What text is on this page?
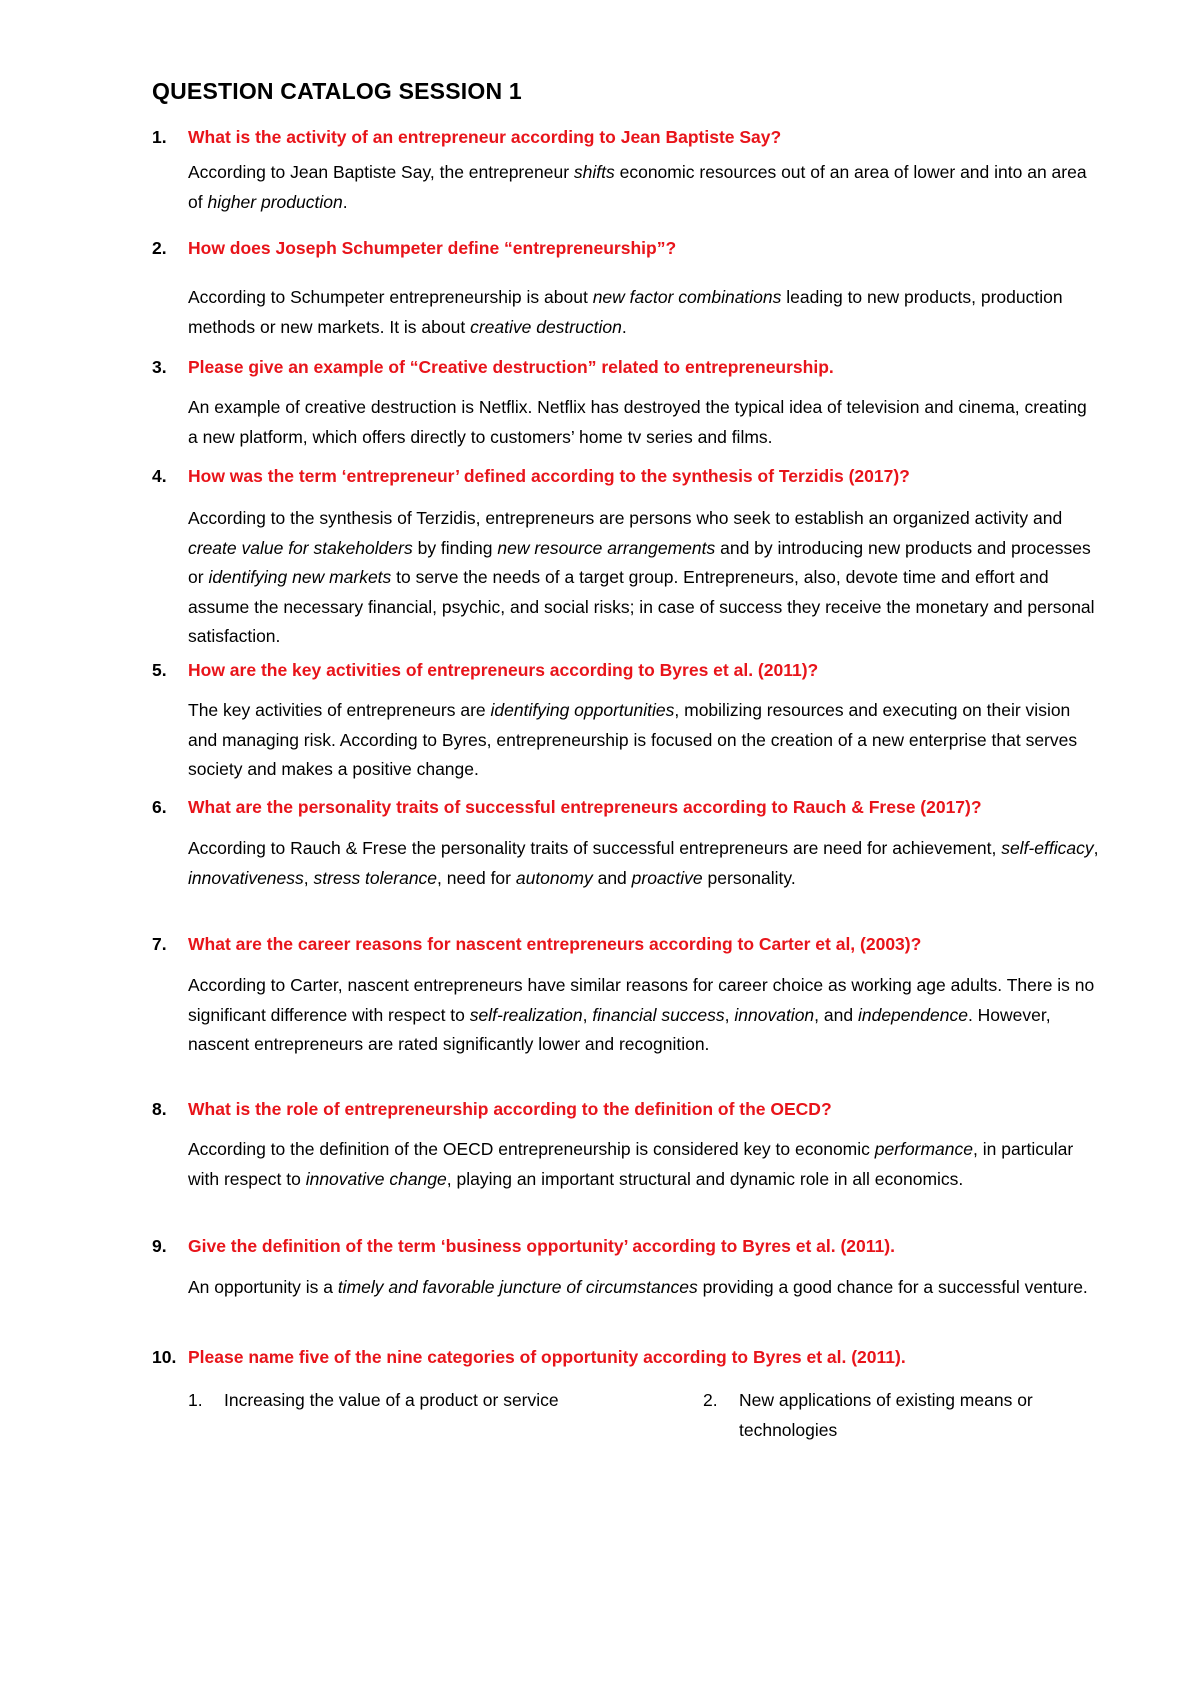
QUESTION CATALOG SESSION 1
1. What is the activity of an entrepreneur according to Jean Baptiste Say?
According to Jean Baptiste Say, the entrepreneur shifts economic resources out of an area of lower and into an area of higher production.
2. How does Joseph Schumpeter define “entrepreneurship”?
According to Schumpeter entrepreneurship is about new factor combinations leading to new products, production methods or new markets. It is about creative destruction.
3. Please give an example of “Creative destruction” related to entrepreneurship.
An example of creative destruction is Netflix. Netflix has destroyed the typical idea of television and cinema, creating a new platform, which offers directly to customers’ home tv series and films.
4. How was the term ‘entrepreneur’ defined according to the synthesis of Terzidis (2017)?
According to the synthesis of Terzidis, entrepreneurs are persons who seek to establish an organized activity and create value for stakeholders by finding new resource arrangements and by introducing new products and processes or identifying new markets to serve the needs of a target group. Entrepreneurs, also, devote time and effort and assume the necessary financial, psychic, and social risks; in case of success they receive the monetary and personal satisfaction.
5. How are the key activities of entrepreneurs according to Byres et al. (2011)?
The key activities of entrepreneurs are identifying opportunities, mobilizing resources and executing on their vision and managing risk. According to Byres, entrepreneurship is focused on the creation of a new enterprise that serves society and makes a positive change.
6. What are the personality traits of successful entrepreneurs according to Rauch & Frese (2017)?
According to Rauch & Frese the personality traits of successful entrepreneurs are need for achievement, self-efficacy, innovativeness, stress tolerance, need for autonomy and proactive personality.
7. What are the career reasons for nascent entrepreneurs according to Carter et al, (2003)?
According to Carter, nascent entrepreneurs have similar reasons for career choice as working age adults. There is no significant difference with respect to self-realization, financial success, innovation, and independence. However, nascent entrepreneurs are rated significantly lower and recognition.
8. What is the role of entrepreneurship according to the definition of the OECD?
According to the definition of the OECD entrepreneurship is considered key to economic performance, in particular with respect to innovative change, playing an important structural and dynamic role in all economics.
9. Give the definition of the term ‘business opportunity’ according to Byres et al. (2011).
An opportunity is a timely and favorable juncture of circumstances providing a good chance for a successful venture.
10. Please name five of the nine categories of opportunity according to Byres et al. (2011).
1. Increasing the value of a product or service	2. New applications of existing means or technologies
